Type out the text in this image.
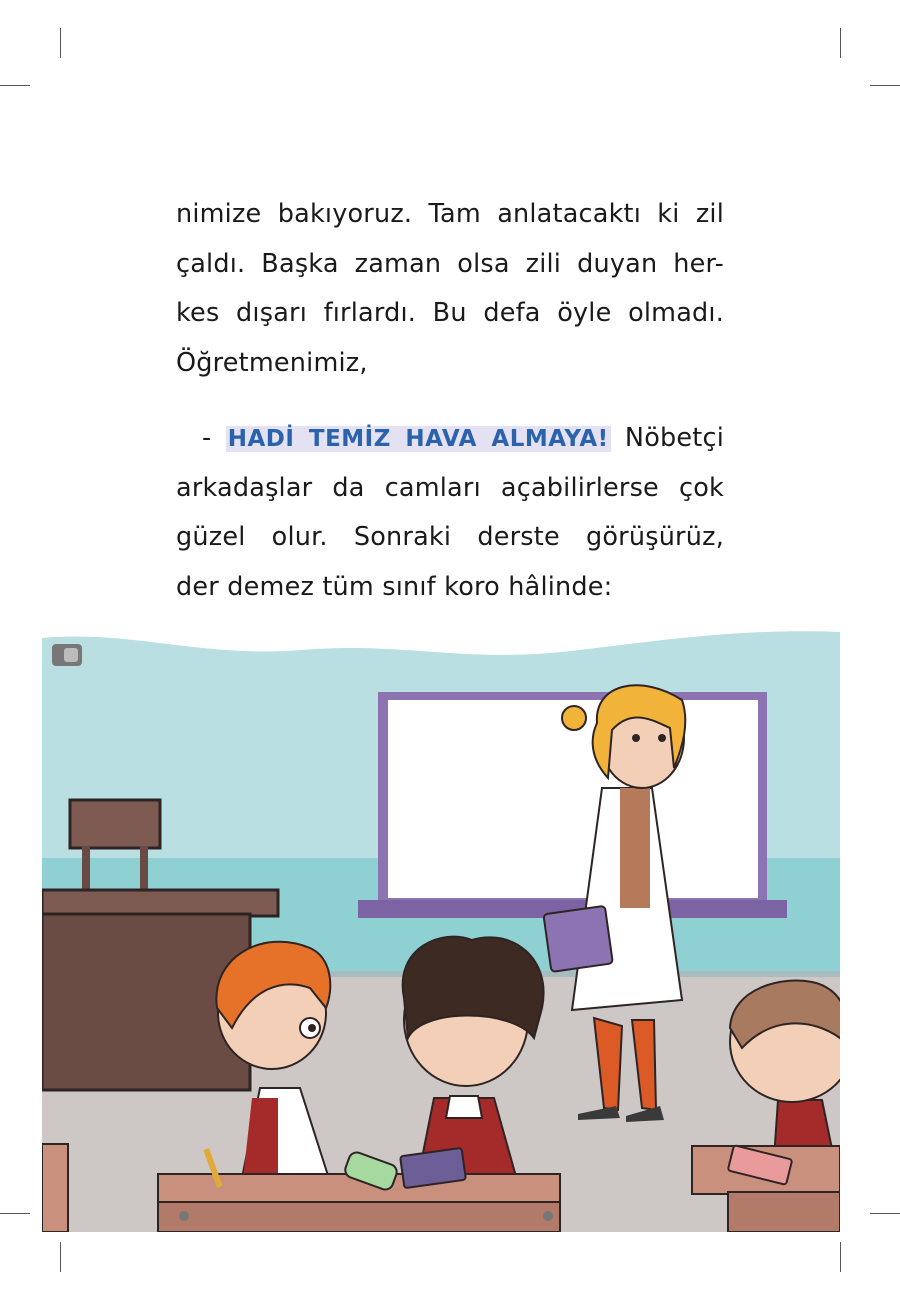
nimize bakıyoruz. Tam anlatacaktı ki zil
çaldı. Başka zaman olsa zili duyan her-
kes dışarı fırlardı. Bu defa öyle olmadı.
Öğretmenimiz,
- HADİ TEMİZ HAVA ALMAYA! Nöbetçi
arkadaşlar da camları açabilirlerse çok
güzel olur. Sonraki derste görüşürüz,
der demez tüm sınıf koro hâlinde:
